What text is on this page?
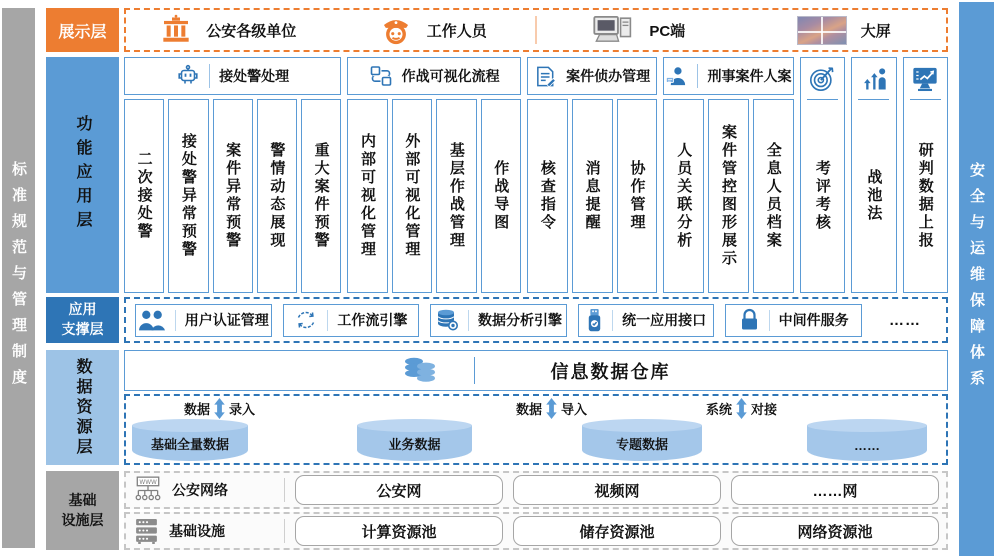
标准规范与管理制度	安全与运维保障体系
展示层
功能应用层
应用
支撑层
数据资源层
基础
设施层
公安各级单位	工作人员	PC端	大屏
接处警处理
二次接处警 接处警异常预警 案件异常预警 警情动态展现 重大案件预警
作战可视化流程
内部可视化管理 外部可视化管理 基层作战管理 作战导图
案件侦办管理
核查指令 消息提醒 协作管理
刑事案件人案
人员关联分析 案件管控图形展示 全息人员档案 考评考核 战池法 研判数据上报
用户认证管理	工作流引擎	数据分析引擎	统一应用接口	中间件服务	……
信息数据仓库
数据 录入	数据 导入	系统 对接
基础全量数据	业务数据	专题数据	……
WWW 公安网络	公安网	视频网	……网
基础设施	计算资源池	储存资源池	网络资源池
